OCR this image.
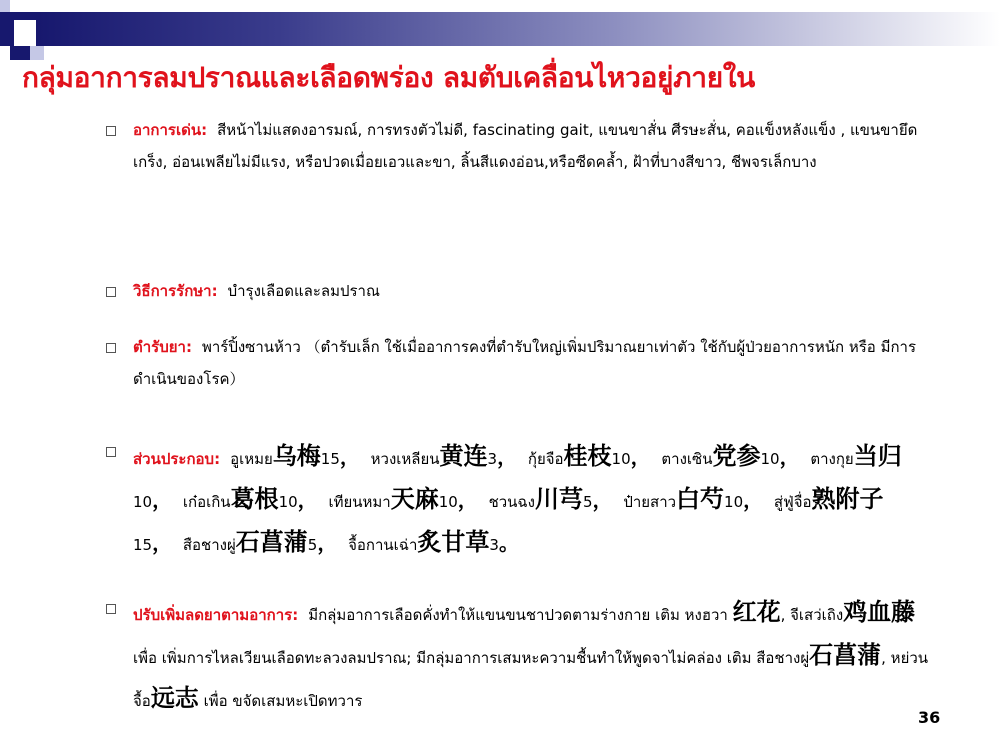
กลุ่มอาการลมปราณและเลือดพร่อง ลมตับเคลื่อนไหวอยู่ภายใน
อาการเด่น: สีหน้าไม่แสดงอารมณ์, การทรงตัวไม่ดี, fascinating gait, แขนขาสั่น ศีรษะสั่น, คอแข็งหลังแข็ง , แขนขายึดเกร็ง, อ่อนเพลียไม่มีแรง, หรือปวดเมื่อยเอวและขา, ลิ้นสีแดงอ่อน,หรือซีดคล้ำ, ฝ้าที่บางสีขาว, ชีพจรเล็กบาง
วิธีการรักษา: บำรุงเลือดและลมปราณ
ตำรับยา: พาร์ปิ้งซานห้าว （ตำรับเล็ก ใช้เมื่ออาการคงที่ตำรับใหญ่เพิ่มปริมาณยาเท่าตัว ใช้กับผู้ป่วยอาการหนัก หรือ มีการดำเนินของโรค）
ส่วนประกอบ: อูเหมย乌梅15， หวงเหลียน黄连3， กุ้ยจือ桂枝10， ตางเซิน党参10， ตางกุย当归10， เก๋อเกิน葛根10， เทียนหมา天麻10， ชวนฉง川芎5， ป๋ายสาว白芍10， สู่ฟู่จื่อ熟附子15， สือชางผู่石菖蒲5， จื้อกานเฉ่า炙甘草3。
ปรับเพิ่มลดยาตามอาการ: มีกลุ่มอาการเลือดคั่งทำให้แขนขนชาปวดตามร่างกาย เติม หงฮวา 红花, จีเสว่เถิง鸡血藤เพื่อ เพิ่มการไหลเวียนเลือดทะลวงลมปราณ; มีกลุ่มอาการเสมหะความชื้นทำให้พูดจาไม่คล่อง เติม สือชางผู่石菖蒲, หย่วนจื้อ远志 เพื่อ ขจัดเสมหะเปิดทวาร
36
